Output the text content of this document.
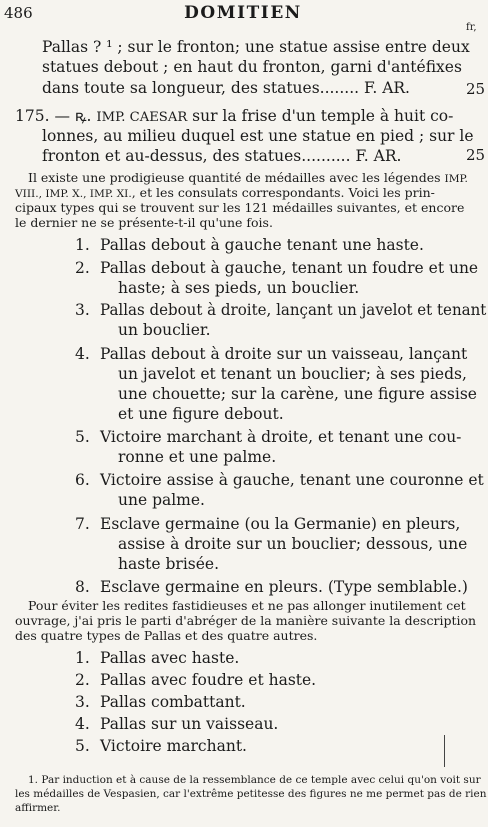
486	DOMITIEN
fr,
Pallas ? ¹ ; sur le fronton; une statue assise entre deux
statues debout ; en haut du fronton, garni d'antéfixes
dans toute sa longueur, des statues........ F. AR.	25
175. — ꝶ. IMP. CAESAR sur la frise d'un temple à huit co-
lonnes, au milieu duquel est une statue en pied ; sur le
fronton et au-dessus, des statues.......... F. AR.	25
Il existe une prodigieuse quantité de médailles avec les légendes IMP.
VIII., IMP. X., IMP. XI., et les consulats correspondants. Voici les prin-
cipaux types qui se trouvent sur les 121 médailles suivantes, et encore
le dernier ne se présente-t-il qu'une fois.
1. Pallas debout à gauche tenant une haste.
2. Pallas debout à gauche, tenant un foudre et une
haste; à ses pieds, un bouclier.
3. Pallas debout à droite, lançant un javelot et tenant
un bouclier.
4. Pallas debout à droite sur un vaisseau, lançant
un javelot et tenant un bouclier; à ses pieds,
une chouette; sur la carène, une figure assise
et une figure debout.
5. Victoire marchant à droite, et tenant une cou-
ronne et une palme.
6. Victoire assise à gauche, tenant une couronne et
une palme.
7. Esclave germaine (ou la Germanie) en pleurs,
assise à droite sur un bouclier; dessous, une
haste brisée.
8. Esclave germaine en pleurs. (Type semblable.)
Pour éviter les redites fastidieuses et ne pas allonger inutilement cet
ouvrage, j'ai pris le parti d'abréger de la manière suivante la description
des quatre types de Pallas et des quatre autres.
1. Pallas avec haste.
2. Pallas avec foudre et haste.
3. Pallas combattant.
4. Pallas sur un vaisseau.
5. Victoire marchant.
1. Par induction et à cause de la ressemblance de ce temple avec celui qu'on voit sur
les médailles de Vespasien, car l'extrême petitesse des figures ne me permet pas de rien
affirmer.
